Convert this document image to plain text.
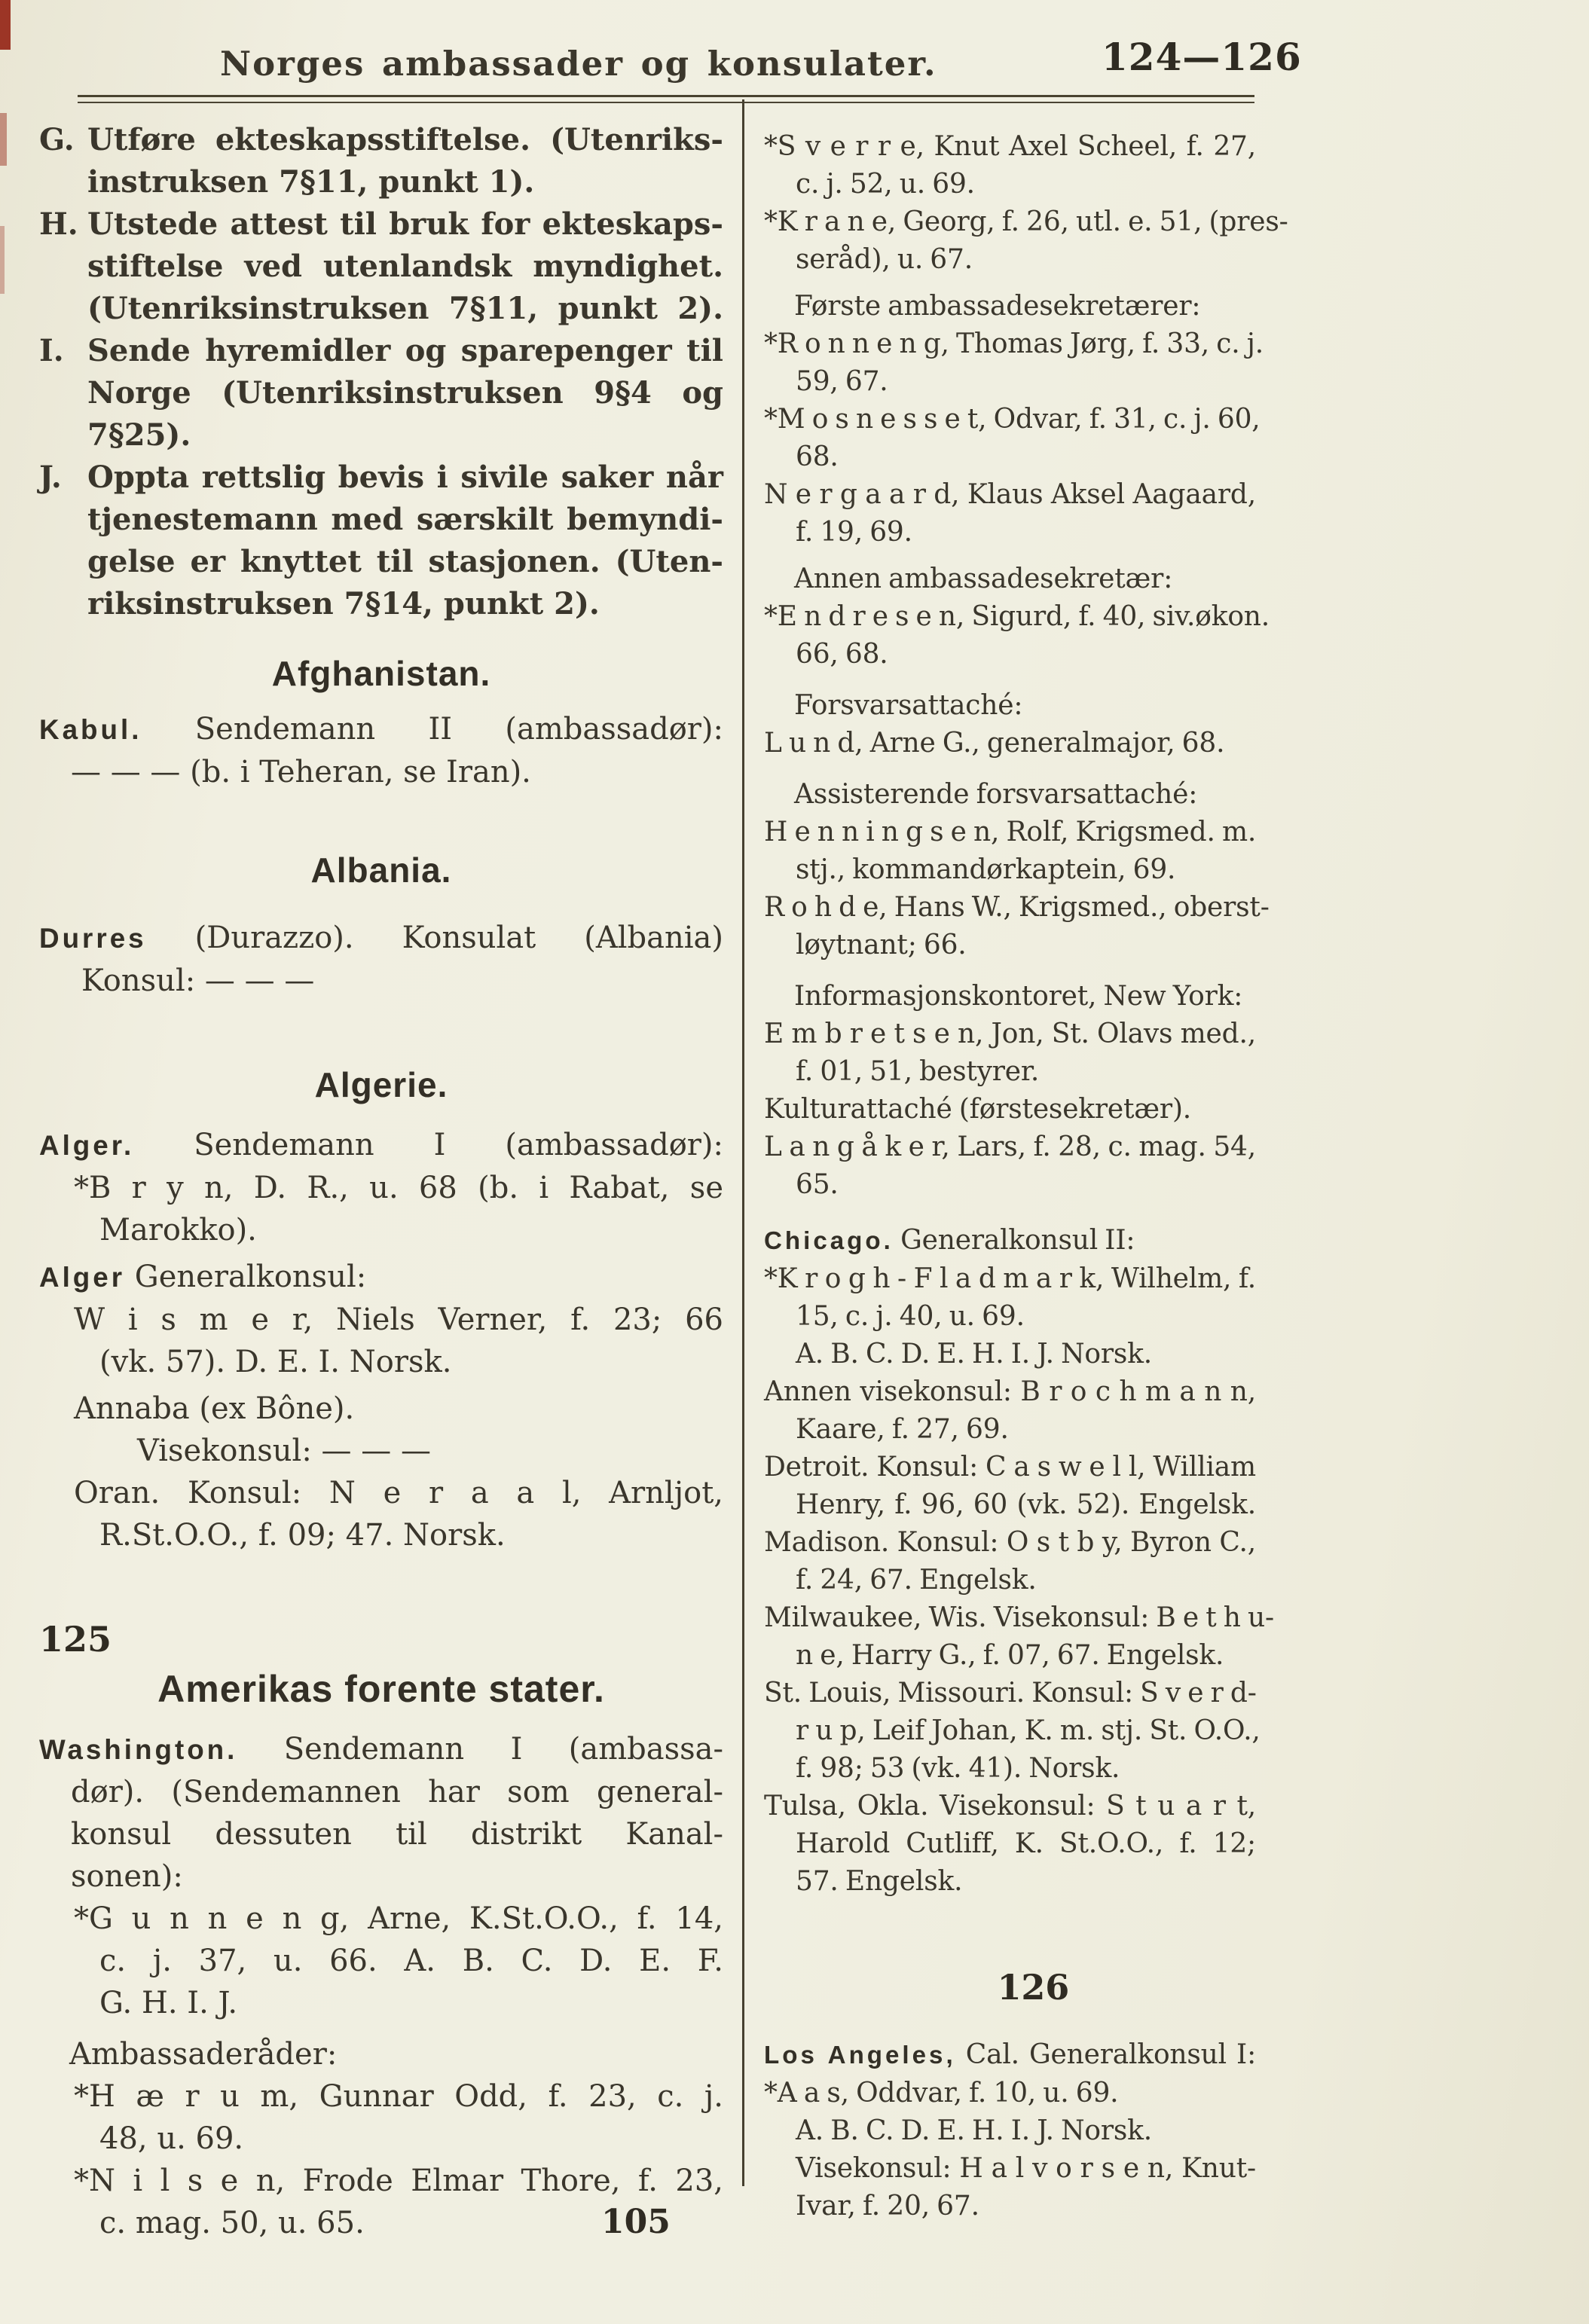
Norges ambassader og konsulater.	124—126
G. Utføre ekteskapsstiftelse. (Utenriks-
instruksen 7§11, punkt 1).
H. Utstede attest til bruk for ekteskaps-
stiftelse ved utenlandsk myndighet.
(Utenriksinstruksen 7§11, punkt 2).
I. Sende hyremidler og sparepenger til
Norge (Utenriksinstruksen 9§4 og
7§25).
J. Oppta rettslig bevis i sivile saker når
tjenestemann med særskilt bemyndi-
gelse er knyttet til stasjonen. (Uten-
riksinstruksen 7§14, punkt 2).
Afghanistan.
Kabul. Sendemann II (ambassadør):
— — — (b. i Teheran, se Iran).
Albania.
Durres (Durazzo). Konsulat (Albania)
Konsul: — — —
Algerie.
Alger. Sendemann I (ambassadør):
*B r y n, D. R., u. 68 (b. i Rabat, se
Marokko).
Alger Generalkonsul:
W i s m e r, Niels Verner, f. 23; 66
(vk. 57). D. E. I. Norsk.
Annaba (ex Bône).
Visekonsul: — — —
Oran. Konsul: N e r a a l, Arnljot,
R.St.O.O., f. 09; 47. Norsk.
125
Amerikas forente stater.
Washington. Sendemann I (ambassa-
dør). (Sendemannen har som general-
konsul dessuten til distrikt Kanal-
sonen):
*G u n n e n g, Arne, K.St.O.O., f. 14,
c. j. 37, u. 66. A. B. C. D. E. F.
G. H. I. J.
Ambassaderåder:
*H æ r u m, Gunnar Odd, f. 23, c. j.
48, u. 69.
*N i l s e n, Frode Elmar Thore, f. 23,
c. mag. 50, u. 65.
*S v e r r e, Knut Axel Scheel, f. 27,
c. j. 52, u. 69.
*K r a n e, Georg, f. 26, utl. e. 51, (pres-
seråd), u. 67.
Første ambassadesekretærer:
*R o n n e n g, Thomas Jørg, f. 33, c. j.
59, 67.
*M o s n e s s e t, Odvar, f. 31, c. j. 60,
68.
N e r g a a r d, Klaus Aksel Aagaard,
f. 19, 69.
Annen ambassadesekretær:
*E n d r e s e n, Sigurd, f. 40, siv.økon.
66, 68.
Forsvarsattaché:
L u n d, Arne G., generalmajor, 68.
Assisterende forsvarsattaché:
H e n n i n g s e n, Rolf, Krigsmed. m.
stj., kommandørkaptein, 69.
R o h d e, Hans W., Krigsmed., oberst-
løytnant; 66.
Informasjonskontoret, New York:
E m b r e t s e n, Jon, St. Olavs med.,
f. 01, 51, bestyrer.
Kulturattaché (førstesekretær).
L a n g å k e r, Lars, f. 28, c. mag. 54,
65.
Chicago. Generalkonsul II:
*K r o g h - F l a d m a r k, Wilhelm, f.
15, c. j. 40, u. 69.
A. B. C. D. E. H. I. J. Norsk.
Annen visekonsul: B r o c h m a n n,
Kaare, f. 27, 69.
Detroit. Konsul: C a s w e l l, William
Henry, f. 96, 60 (vk. 52). Engelsk.
Madison. Konsul: O s t b y, Byron C.,
f. 24, 67. Engelsk.
Milwaukee, Wis. Visekonsul: B e t h u-
n e, Harry G., f. 07, 67. Engelsk.
St. Louis, Missouri. Konsul: S v e r d-
r u p, Leif Johan, K. m. stj. St. O.O.,
f. 98; 53 (vk. 41). Norsk.
Tulsa, Okla. Visekonsul: S t u a r t,
Harold Cutliff, K. St.O.O., f. 12;
57. Engelsk.
126
Los Angeles, Cal. Generalkonsul I:
*A a s, Oddvar, f. 10, u. 69.
A. B. C. D. E. H. I. J. Norsk.
Visekonsul: H a l v o r s e n, Knut-
Ivar, f. 20, 67.
105
